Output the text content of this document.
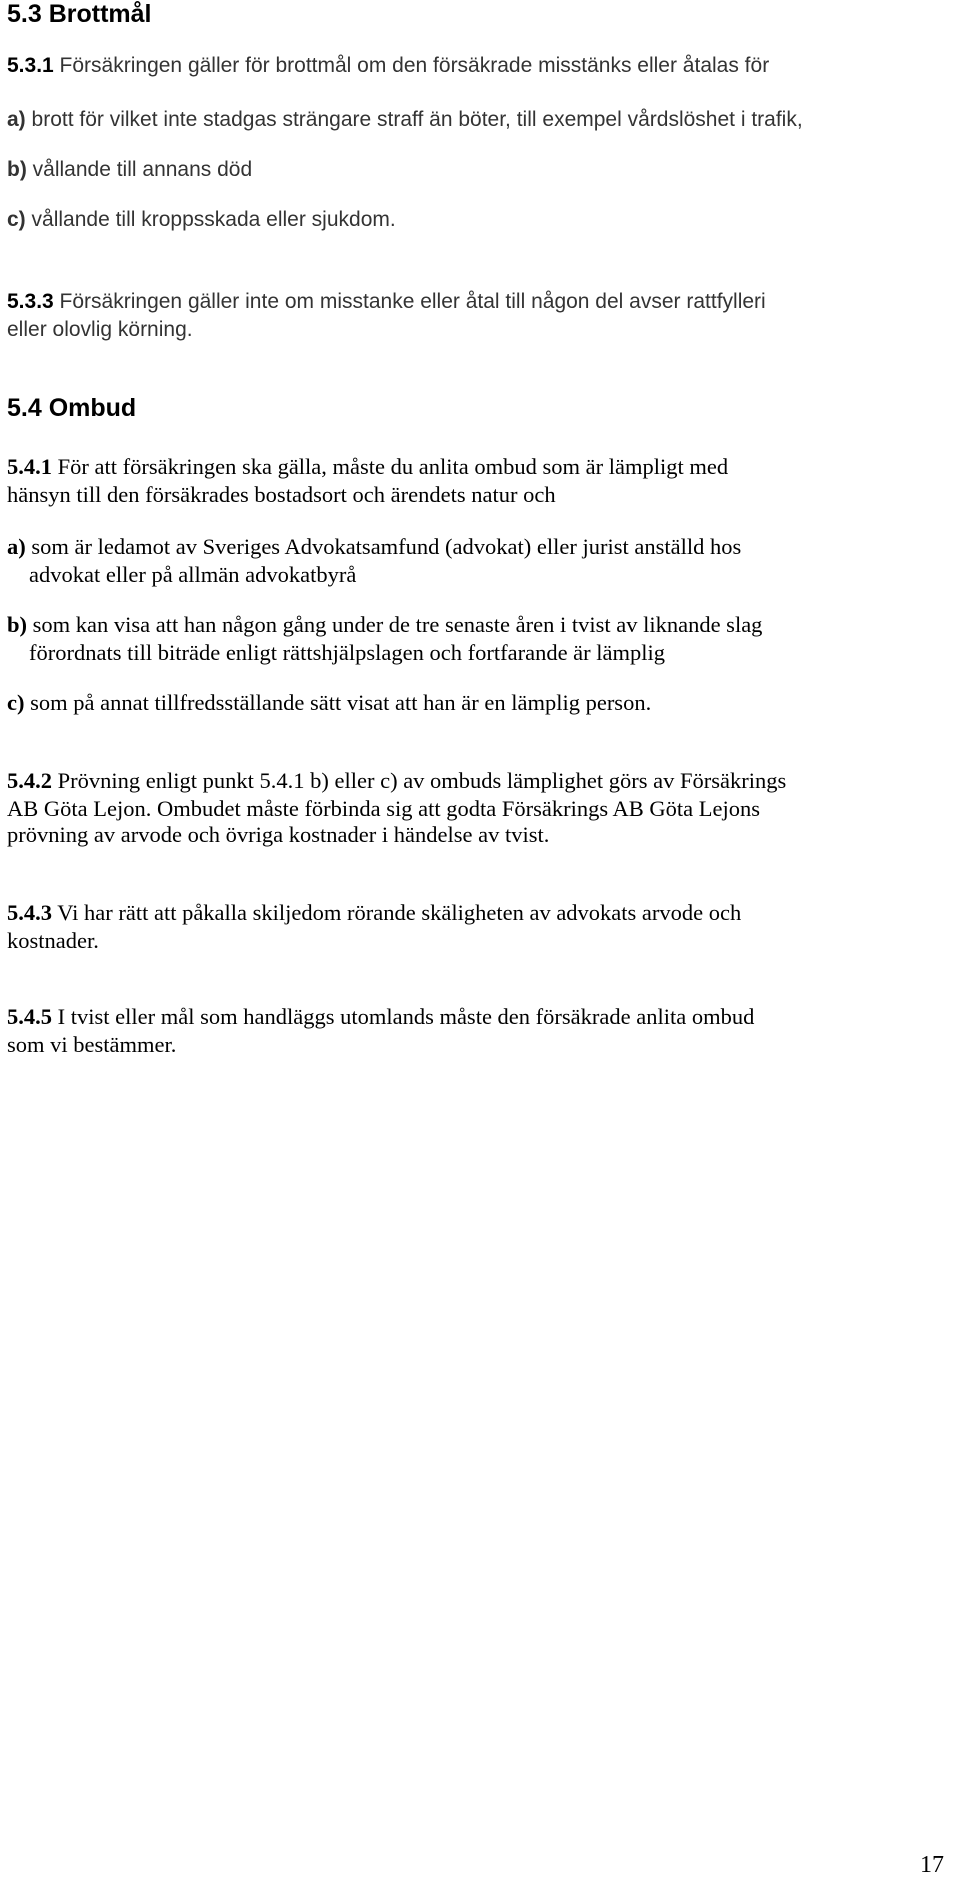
5.3 Brottmål

5.3.1 Försäkringen gäller för brottmål om den försäkrade misstänks eller åtalas för

a) brott för vilket inte stadgas strängare straff än böter, till exempel vårdslöshet i trafik,

b) vållande till annans död

c) vållande till kroppsskada eller sjukdom.

5.3.3 Försäkringen gäller inte om misstanke eller åtal till någon del avser rattfylleri

eller olovlig körning.

5.4 Ombud

5.4.1 För att försäkringen ska gälla, måste du anlita ombud som är lämpligt med

hänsyn till den försäkrades bostadsort och ärendets natur och

a) som är ledamot av Sveriges Advokatsamfund (advokat) eller jurist anställd hos

advokat eller på allmän advokatbyrå

b) som kan visa att han någon gång under de tre senaste åren i tvist av liknande slag

förordnats till biträde enligt rättshjälpslagen och fortfarande är lämplig

c) som på annat tillfredsställande sätt visat att han är en lämplig person.

5.4.2 Prövning enligt punkt 5.4.1 b) eller c) av ombuds lämplighet görs av Försäkrings

AB Göta Lejon. Ombudet måste förbinda sig att godta Försäkrings AB Göta Lejons

prövning av arvode och övriga kostnader i händelse av tvist.

5.4.3 Vi har rätt att påkalla skiljedom rörande skäligheten av advokats arvode och

kostnader.

5.4.5 I tvist eller mål som handläggs utomlands måste den försäkrade anlita ombud

som vi bestämmer.

17
